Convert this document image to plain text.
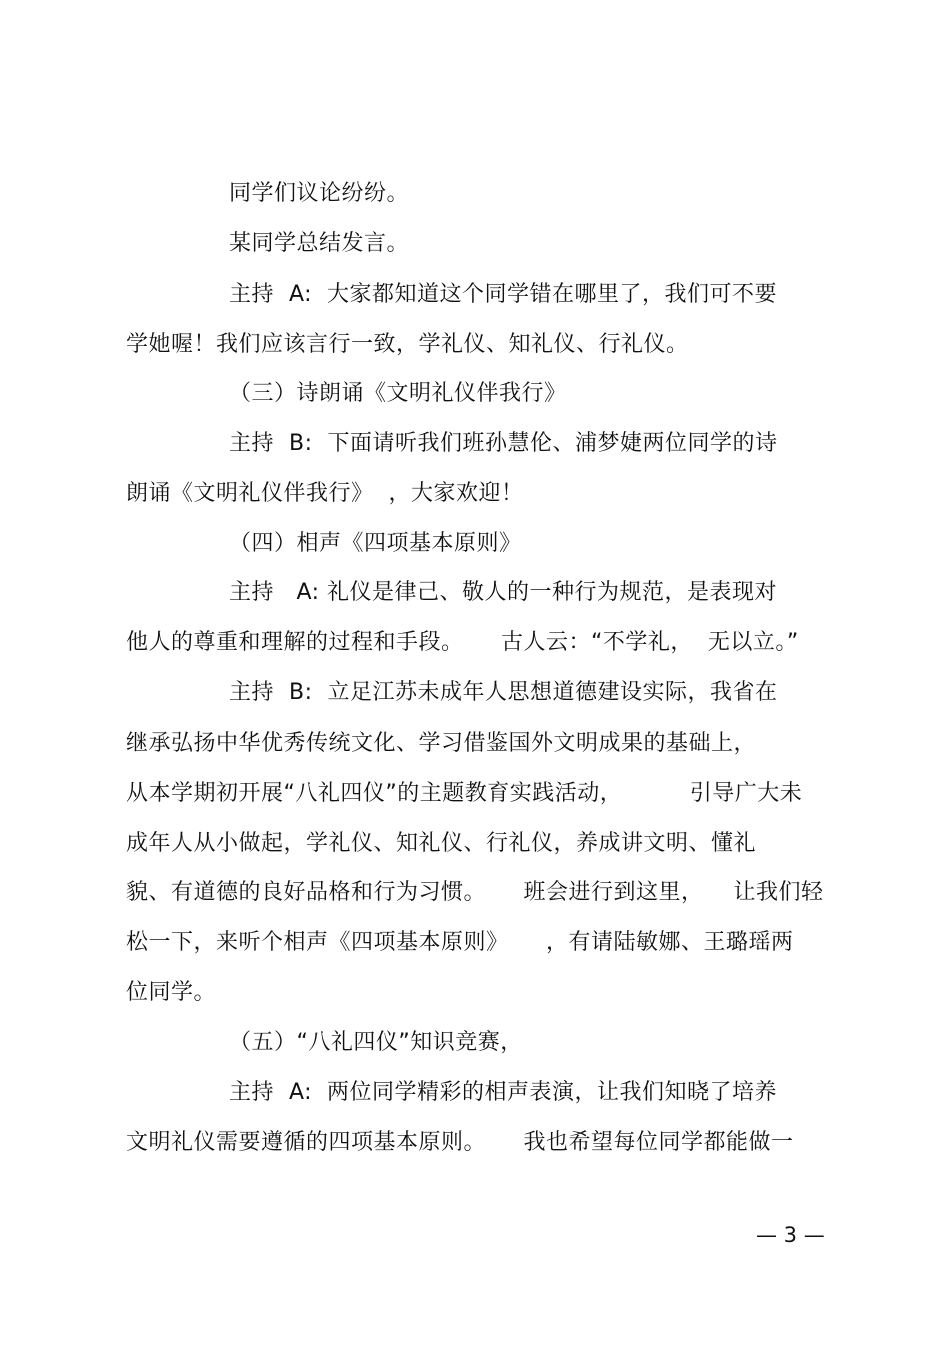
同学们议论纷纷。
某同学总结发言。
主持  A:  大家都知道这个同学错在哪里了，我们可不要
学她喔！我们应该言行一致，学礼仪、知礼仪、行礼仪。
（三）诗朗诵《文明礼仪伴我行》
主持  B:  下面请听我们班孙慧伦、浦梦婕两位同学的诗
朗诵《文明礼仪伴我行》  ，大家欢迎！
（四）相声《四项基本原则》
主持   A: 礼仪是律己、敬人的一种行为规范，是表现对
他人的尊重和理解的过程和手段。     古人云：“不学礼，  无以立。”
主持  B:  立足江苏未成年人思想道德建设实际，我省在
继承弘扬中华优秀传统文化、学习借鉴国外文明成果的基础上，
从本学期初开展“八礼四仪”的主题教育实践活动，         引导广大未
成年人从小做起，学礼仪、知礼仪、行礼仪，养成讲文明、懂礼
貌、有道德的良好品格和行为习惯。     班会进行到这里，    让我们轻
松一下，来听个相声《四项基本原则》     ，有请陆敏娜、王璐瑶两
位同学。
（五）“八礼四仪”知识竞赛，
主持  A:  两位同学精彩的相声表演，让我们知晓了培养
文明礼仪需要遵循的四项基本原则。     我也希望每位同学都能做一
— 3 —
